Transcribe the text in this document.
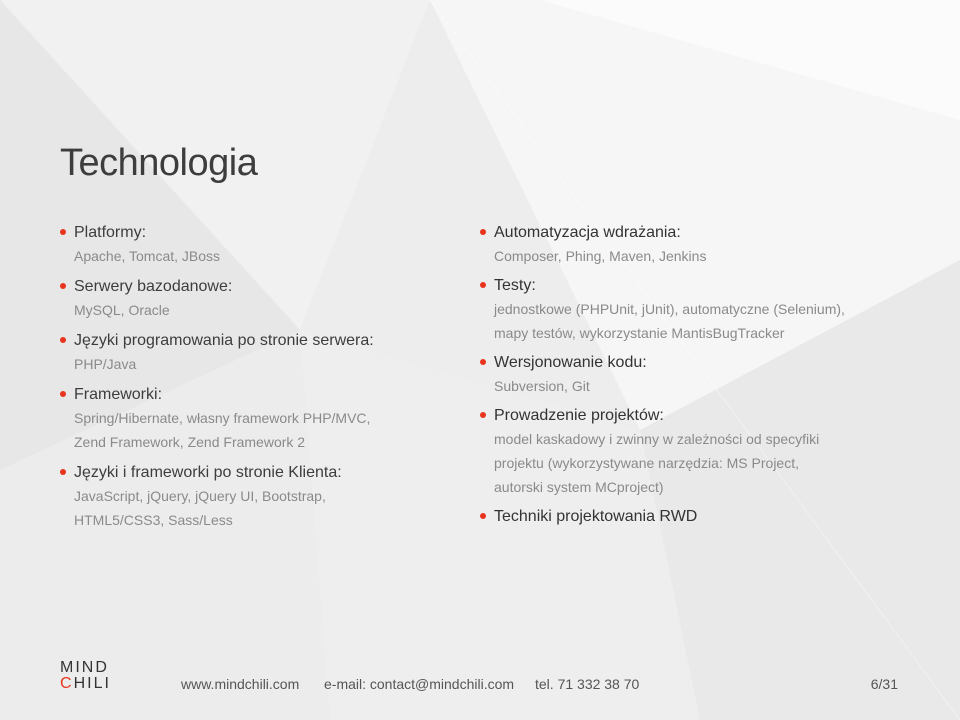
Technologia
Platformy:
Apache, Tomcat, JBoss
Serwery bazodanowe:
MySQL, Oracle
Języki programowania po stronie serwera:
PHP/Java
Frameworki:
Spring/Hibernate, własny framework PHP/MVC,
Zend Framework, Zend Framework 2
Języki i frameworki po stronie Klienta:
JavaScript, jQuery, jQuery UI, Bootstrap,
HTML5/CSS3, Sass/Less
Automatyzacja wdrażania:
Composer, Phing, Maven, Jenkins
Testy:
jednostkowe (PHPUnit, jUnit), automatyczne (Selenium),
mapy testów, wykorzystanie MantisBugTracker
Wersjonowanie kodu:
Subversion, Git
Prowadzenie projektów:
model kaskadowy i zwinny w zależności od specyfiki
projektu (wykorzystywane narzędzia: MS Project,
autorski system MCproject)
Techniki projektowania RWD
MIND
CHILI	www.mindchili.com e-mail: contact@mindchili.com tel. 71 332 38 70	6/31
